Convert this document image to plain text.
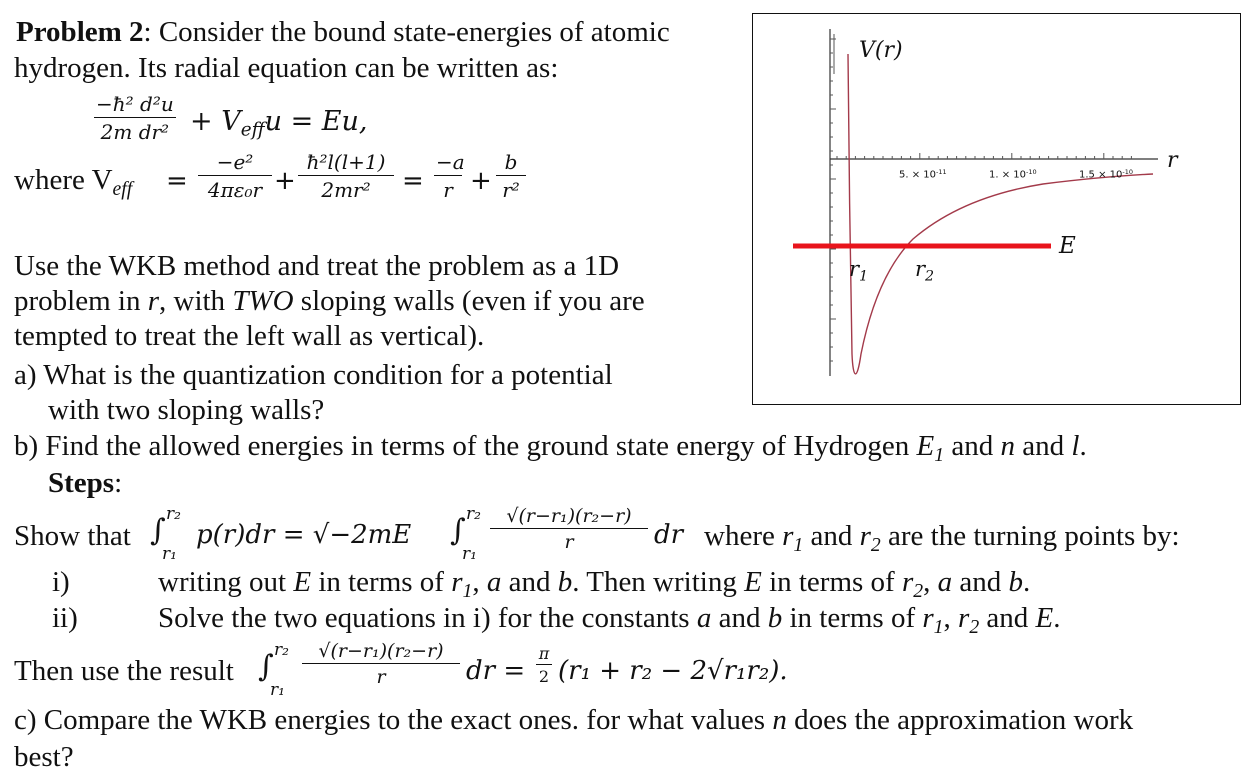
Problem 2: Consider the bound state-energies of atomic
hydrogen. Its radial equation can be written as:
$\frac{\text{−ħ² d²u}}{\text{2m dr²}} + V_{eff}u = Eu$,
where $V_{eff} = \frac{\text{−e²}}{\text{4πε₀r}} + \frac{\text{ħ²l(l+1)}}{\text{2mr²}} = \frac{-a}{r} + \frac{b}{\text{r²}}$
Use the WKB method and treat the problem as a 1D
problem in r, with TWO sloping walls (even if you are
tempted to treat the left wall as vertical).
a) What is the quantization condition for a potential
with two sloping walls?
b) Find the allowed energies in terms of the ground state energy of Hydrogen $E_1$ and n and l.
Steps:
Show that ∫ r₂
r₁
p(r)dr = √−2mE ∫ r₂
r₁
$\frac{\text{√(r−r₁)(r₂−r)}}{r}$ dr where $r_1$ and $r_2$ are the turning points by:
i)	writing out E in terms of $r_1$, a and b. Then writing E in terms of $r_2$, a and b.
ii)	Solve the two equations in i) for the constants a and b in terms of $r_1$, $r_2$ and E.
Then use the result ∫ r₂
r₁
$\frac{\text{√(r−r₁)(r₂−r)}}{r}$ dr = $\frac{\pi}{2} (r_1 + r_2 - 2√r_1r_2)$.
c) Compare the WKB energies to the exact ones. for what values n does the approximation work
best?
V(r)
r
5. × $10^{-11}$	1. × $10^{-10}$	$1.5 \times 10^{-10}$
E
$r_1$ $r_2$
